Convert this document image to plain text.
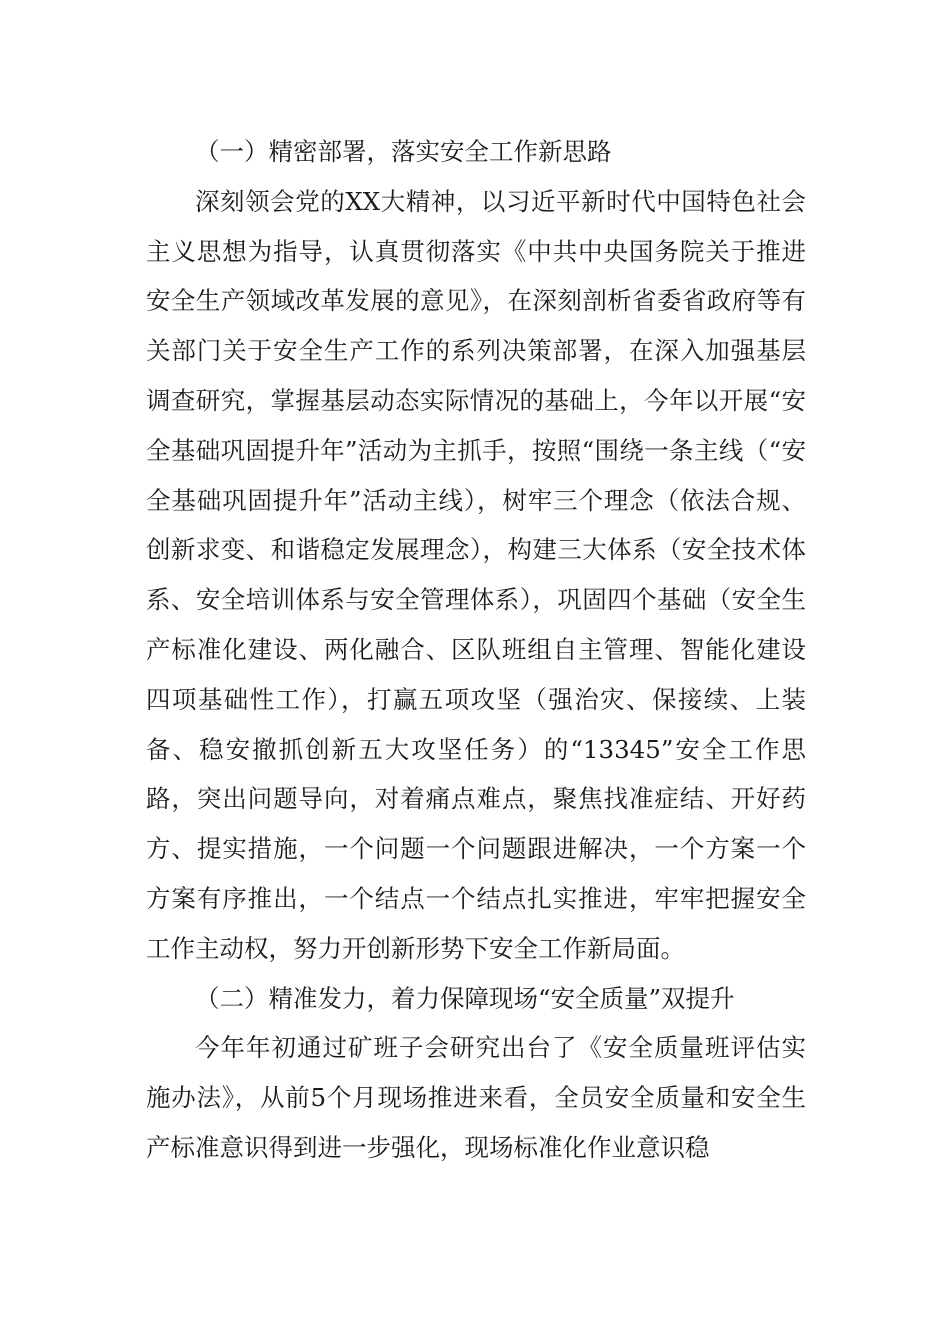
（一）精密部署，落实安全工作新思路

深刻领会党的XX大精神，以习近平新时代中国特色社会主义思想为指导，认真贯彻落实《中共中央国务院关于推进安全生产领域改革发展的意见》，在深刻剖析省委省政府等有关部门关于安全生产工作的系列决策部署，在深入加强基层调查研究，掌握基层动态实际情况的基础上，今年以开展“安全基础巩固提升年”活动为主抓手，按照“围绕一条主线（“安全基础巩固提升年”活动主线），树牢三个理念（依法合规、创新求变、和谐稳定发展理念），构建三大体系（安全技术体系、安全培训体系与安全管理体系），巩固四个基础（安全生产标准化建设、两化融合、区队班组自主管理、智能化建设四项基础性工作），打赢五项攻坚（强治灾、保接续、上装备、稳安撤抓创新五大攻坚任务）的“13345”安全工作思路，突出问题导向，对着痛点难点，聚焦找准症结、开好药方、提实措施，一个问题一个问题跟进解决，一个方案一个方案有序推出，一个结点一个结点扎实推进，牢牢把握安全工作主动权，努力开创新形势下安全工作新局面。

（二）精准发力，着力保障现场“安全质量”双提升

今年年初通过矿班子会研究出台了《安全质量班评估实施办法》，从前5个月现场推进来看，全员安全质量和安全生产标准意识得到进一步强化，现场标准化作业意识稳
